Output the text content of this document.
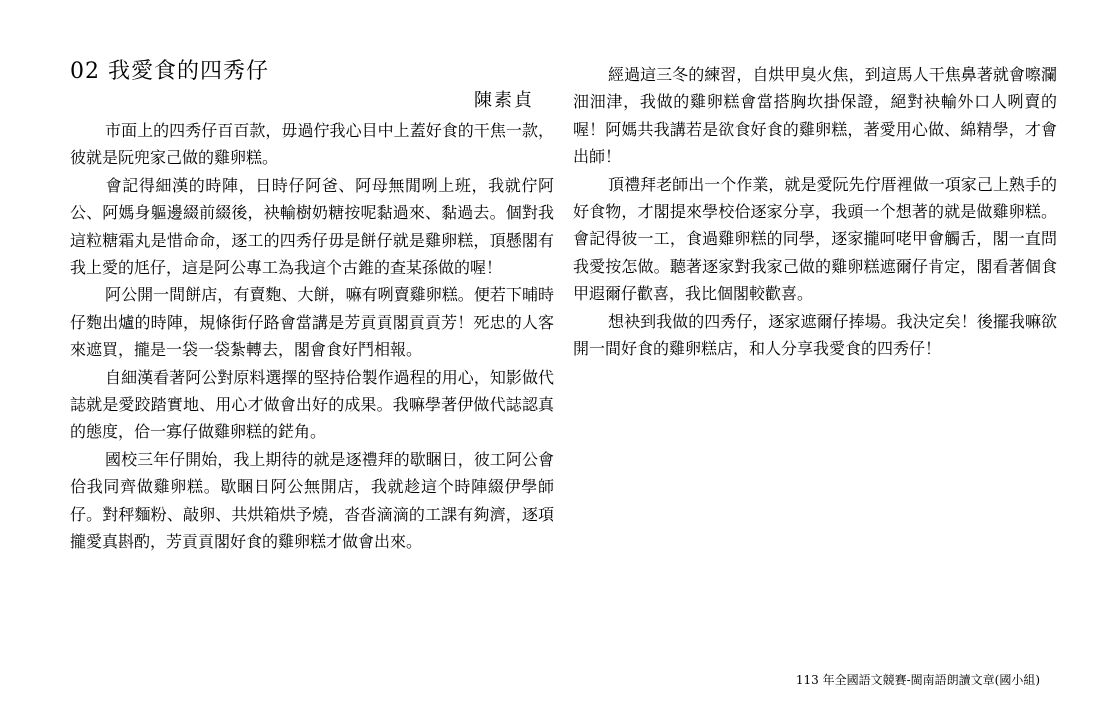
02 我愛食的四秀仔
陳素貞

市面上的四秀仔百百款，毋過佇我心目中上蓋好食的干焦一款，彼就是阮兜家己做的雞卵糕。

會記得細漢的時陣，日時仔阿爸、阿母無閒咧上班，我就佇阿公、阿媽身軀邊綴前綴後，袂輸樹奶糖按呢黏過來、黏過去。個對我這粒糖霜丸是惜命命，逐工的四秀仔毋是餅仔就是雞卵糕，頂懸閣有我上愛的尪仔，這是阿公專工為我這个古錐的查某孫做的喔！

阿公開一間餅店，有賣麭、大餅，嘛有咧賣雞卵糕。便若下晡時仔麭出爐的時陣，規條街仔路會當講是芳貢貢閣貢貢芳！死忠的人客來遮買，攏是一袋一袋紮轉去，閣會食好鬥相報。

自細漢看著阿公對原料選擇的堅持佮製作過程的用心，知影做代誌就是愛跤踏實地、用心才做會出好的成果。我嘛學著伊做代誌認真的態度，佮一寡仔做雞卵糕的鋩角。

國校三年仔開始，我上期待的就是逐禮拜的歇睏日，彼工阿公會佮我同齊做雞卵糕。歇睏日阿公無開店，我就趁這个時陣綴伊學師仔。對秤麵粉、敲卵、共烘箱烘予燒，沓沓滴滴的工課有夠濟，逐項攏愛真斟酌，芳貢貢閣好食的雞卵糕才做會出來。

經過這三冬的練習，自烘甲臭火焦，到這馬人干焦鼻著就會嚓瀾沺沺津，我做的雞卵糕會當搭胸坎掛保證，絕對袂輸外口人咧賣的喔！阿媽共我講若是欲食好食的雞卵糕，著愛用心做、綿精學，才會出師！

頂禮拜老師出一个作業，就是愛阮先佇厝裡做一項家己上熟手的好食物，才閣提來學校佮逐家分享，我頭一个想著的就是做雞卵糕。會記得彼一工，食過雞卵糕的同學，逐家攏呵咾甲會觸舌，閣一直問我愛按怎做。聽著逐家對我家己做的雞卵糕遮爾仔肯定，閣看著個食甲遐爾仔歡喜，我比個閣較歡喜。

想袂到我做的四秀仔，逐家遮爾仔捧場。我決定矣！後擺我嘛欲開一間好食的雞卵糕店，和人分享我愛食的四秀仔！

113 年全國語文競賽-閩南語朗讀文章(國小組)
